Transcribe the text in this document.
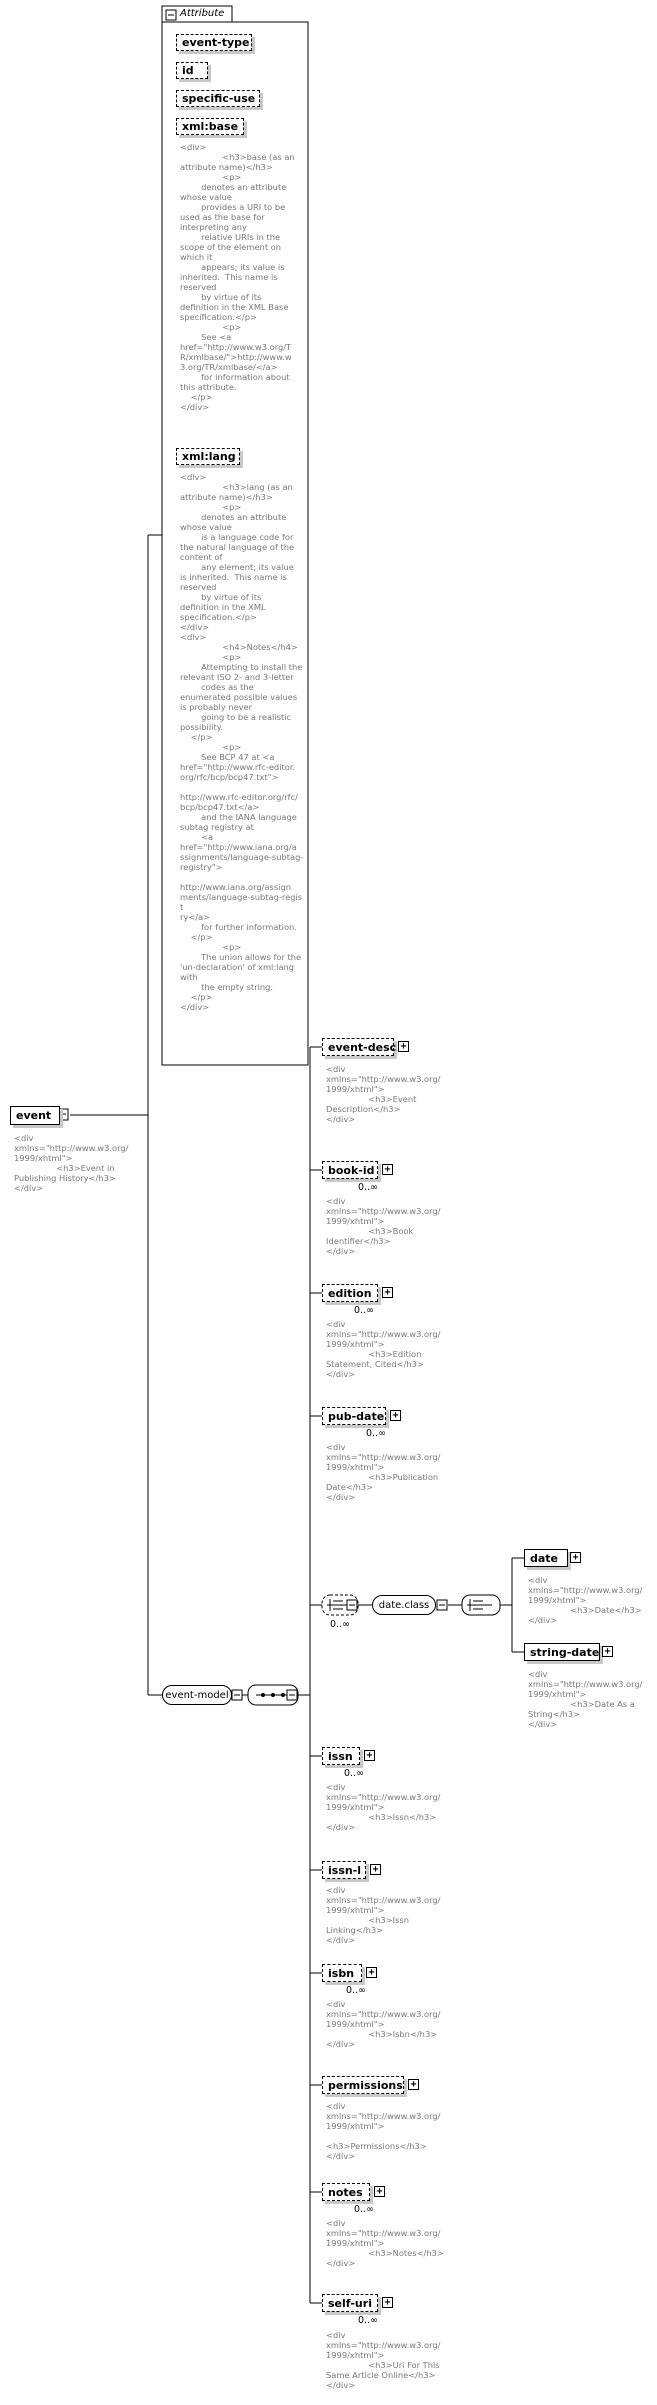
event
<div
xmlns="http://www.w3.org/
1999/xhtml">
<h3>Event in
Publishing History</h3>
</div>
Attribute
event-type
id
specific-use
xml:base
<div>
<h3>base (as an
attribute name)</h3>
<p>
denotes an attribute
whose value
provides a URI to be
used as the base for
interpreting any
relative URIs in the
scope of the element on
which it
appears; its value is
inherited.  This name is
reserved
by virtue of its
definition in the XML Base
specification.</p>
<p>
See <a
href="http://www.w3.org/T
R/xmlbase/">http://www.w
3.org/TR/xmlbase/</a>
for information about
this attribute.
</p>
</div>
xml:lang
<div>
<h3>lang (as an
attribute name)</h3>
<p>
denotes an attribute
whose value
is a language code for
the natural language of the
content of
any element; its value
is inherited.  This name is
reserved
by virtue of its
definition in the XML
specification.</p>
</div>
<div>
<h4>Notes</h4>
<p>
Attempting to install the
relevant ISO 2- and 3-letter
codes as the
enumerated possible values
is probably never
going to be a realistic
possibility.
</p>
<p>
See BCP 47 at <a
href="http://www.rfc-editor.
org/rfc/bcp/bcp47.txt">

http://www.rfc-editor.org/rfc/
bcp/bcp47.txt</a>
and the IANA language
subtag registry at
<a
href="http://www.iana.org/a
ssignments/language-subtag-
registry">

http://www.iana.org/assign
ments/language-subtag-regist
ry</a>
for further information.
</p>
<p>
The union allows for the
'un-declaration' of xml:lang
with
the empty string.
</p>
</div>
event-model
event-desc +
<div
xmlns="http://www.w3.org/
1999/xhtml">
<h3>Event
Description</h3>
</div>
book-id +
0..∞
<div
xmlns="http://www.w3.org/
1999/xhtml">
<h3>Book
Identifier</h3>
</div>
edition +
0..∞
<div
xmlns="http://www.w3.org/
1999/xhtml">
<h3>Edition
Statement, Cited</h3>
</div>
pub-date +
0..∞
<div
xmlns="http://www.w3.org/
1999/xhtml">
<h3>Publication
Date</h3>
</div>
0..∞
date.class
date +
<div
xmlns="http://www.w3.org/
1999/xhtml">
<h3>Date</h3>
</div>
string-date +
<div
xmlns="http://www.w3.org/
1999/xhtml">
<h3>Date As a
String</h3>
</div>
issn +
0..∞
<div
xmlns="http://www.w3.org/
1999/xhtml">
<h3>Issn</h3>
</div>
issn-l +
<div
xmlns="http://www.w3.org/
1999/xhtml">
<h3>Issn
Linking</h3>
</div>
isbn +
0..∞
<div
xmlns="http://www.w3.org/
1999/xhtml">
<h3>Isbn</h3>
</div>
permissions +
<div
xmlns="http://www.w3.org/
1999/xhtml">

<h3>Permissions</h3>
</div>
notes +
0..∞
<div
xmlns="http://www.w3.org/
1999/xhtml">
<h3>Notes</h3>
</div>
self-uri +
0..∞
<div
xmlns="http://www.w3.org/
1999/xhtml">
<h3>Uri For This
Same Article Online</h3>
</div>
